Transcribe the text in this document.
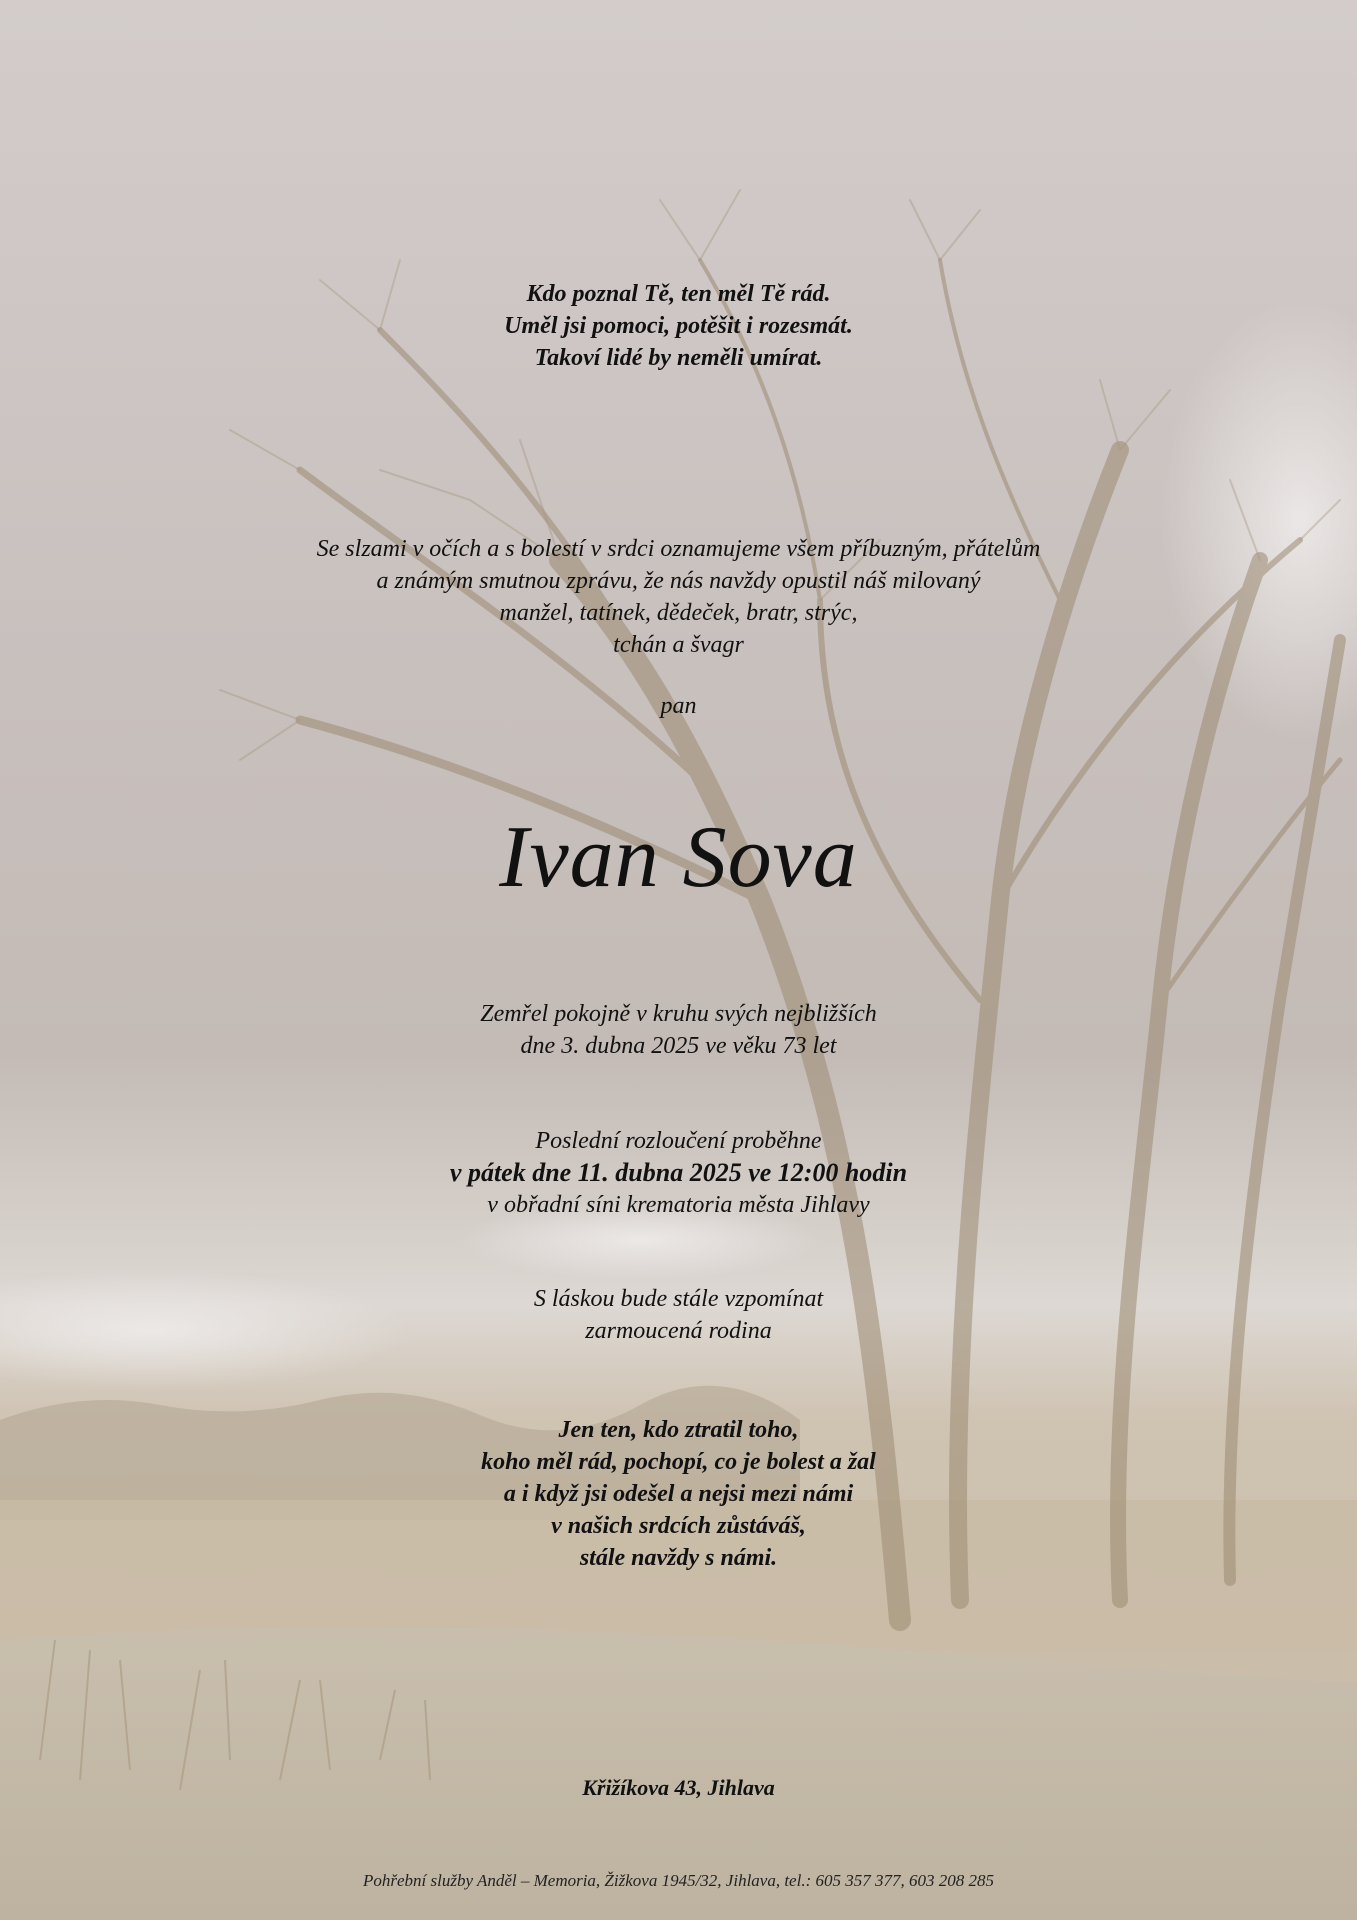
Kdo poznal Tě, ten měl Tě rád.
Uměl jsi pomoci, potěšit i rozesmát.
Takoví lidé by neměli umírat.
Se slzami v očích a s bolestí v srdci oznamujeme všem příbuzným, přátelům
a známým smutnou zprávu, že nás navždy opustil náš milovaný
manžel, tatínek, dědeček, bratr, strýc,
tchán a švagr
pan
Ivan Sova
Zemřel pokojně v kruhu svých nejbližších
dne 3. dubna 2025 ve věku 73 let
Poslední rozloučení proběhne
v pátek dne 11. dubna 2025 ve 12:00 hodin
v obřadní síni krematoria města Jihlavy
S láskou bude stále vzpomínat
zarmoucená rodina
Jen ten, kdo ztratil toho,
koho měl rád, pochopí, co je bolest a žal
a i když jsi odešel a nejsi mezi námi
v našich srdcích zůstáváš,
stále navždy s námi.
Křižíkova 43, Jihlava
Pohřební služby Anděl – Memoria, Žižkova 1945/32, Jihlava, tel.: 605 357 377, 603 208 285
